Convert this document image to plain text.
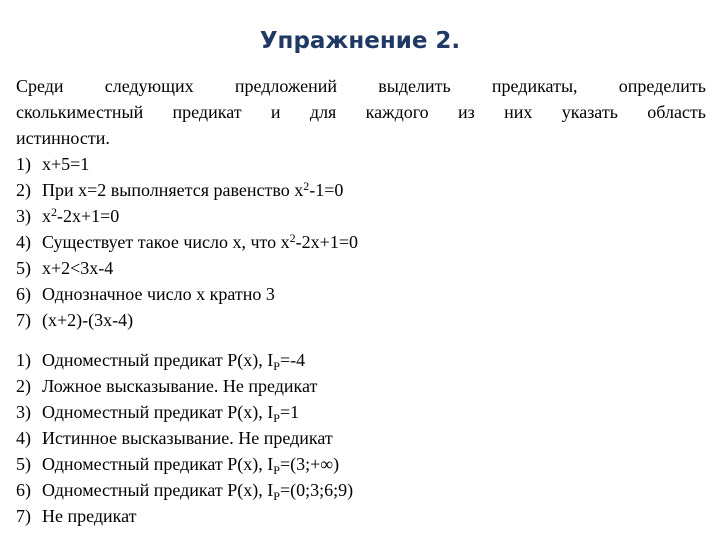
Упражнение 2.
Среди следующих предложений выделить предикаты, определить
сколькиместный предикат и для каждого из них указать область
истинности.
1) x+5=1
2) При x=2 выполняется равенство $x^2-1=0$
3) $x^2-2x+1=0$
4) Существует такое число x, что $x^2-2x+1=0$
5) x+2<3x-4
6) Однозначное число x кратно 3
7) (x+2)-(3x-4)
1) Одноместный предикат P(x), $I_P=-4$
2) Ложное высказывание. Не предикат
3) Одноместный предикат P(x), $I_P=1$
4) Истинное высказывание. Не предикат
5) Одноместный предикат P(x), $I_P=(3;+\infty)$
6) Одноместный предикат P(x), $I_P=(0;3;6;9)$
7) Не предикат
